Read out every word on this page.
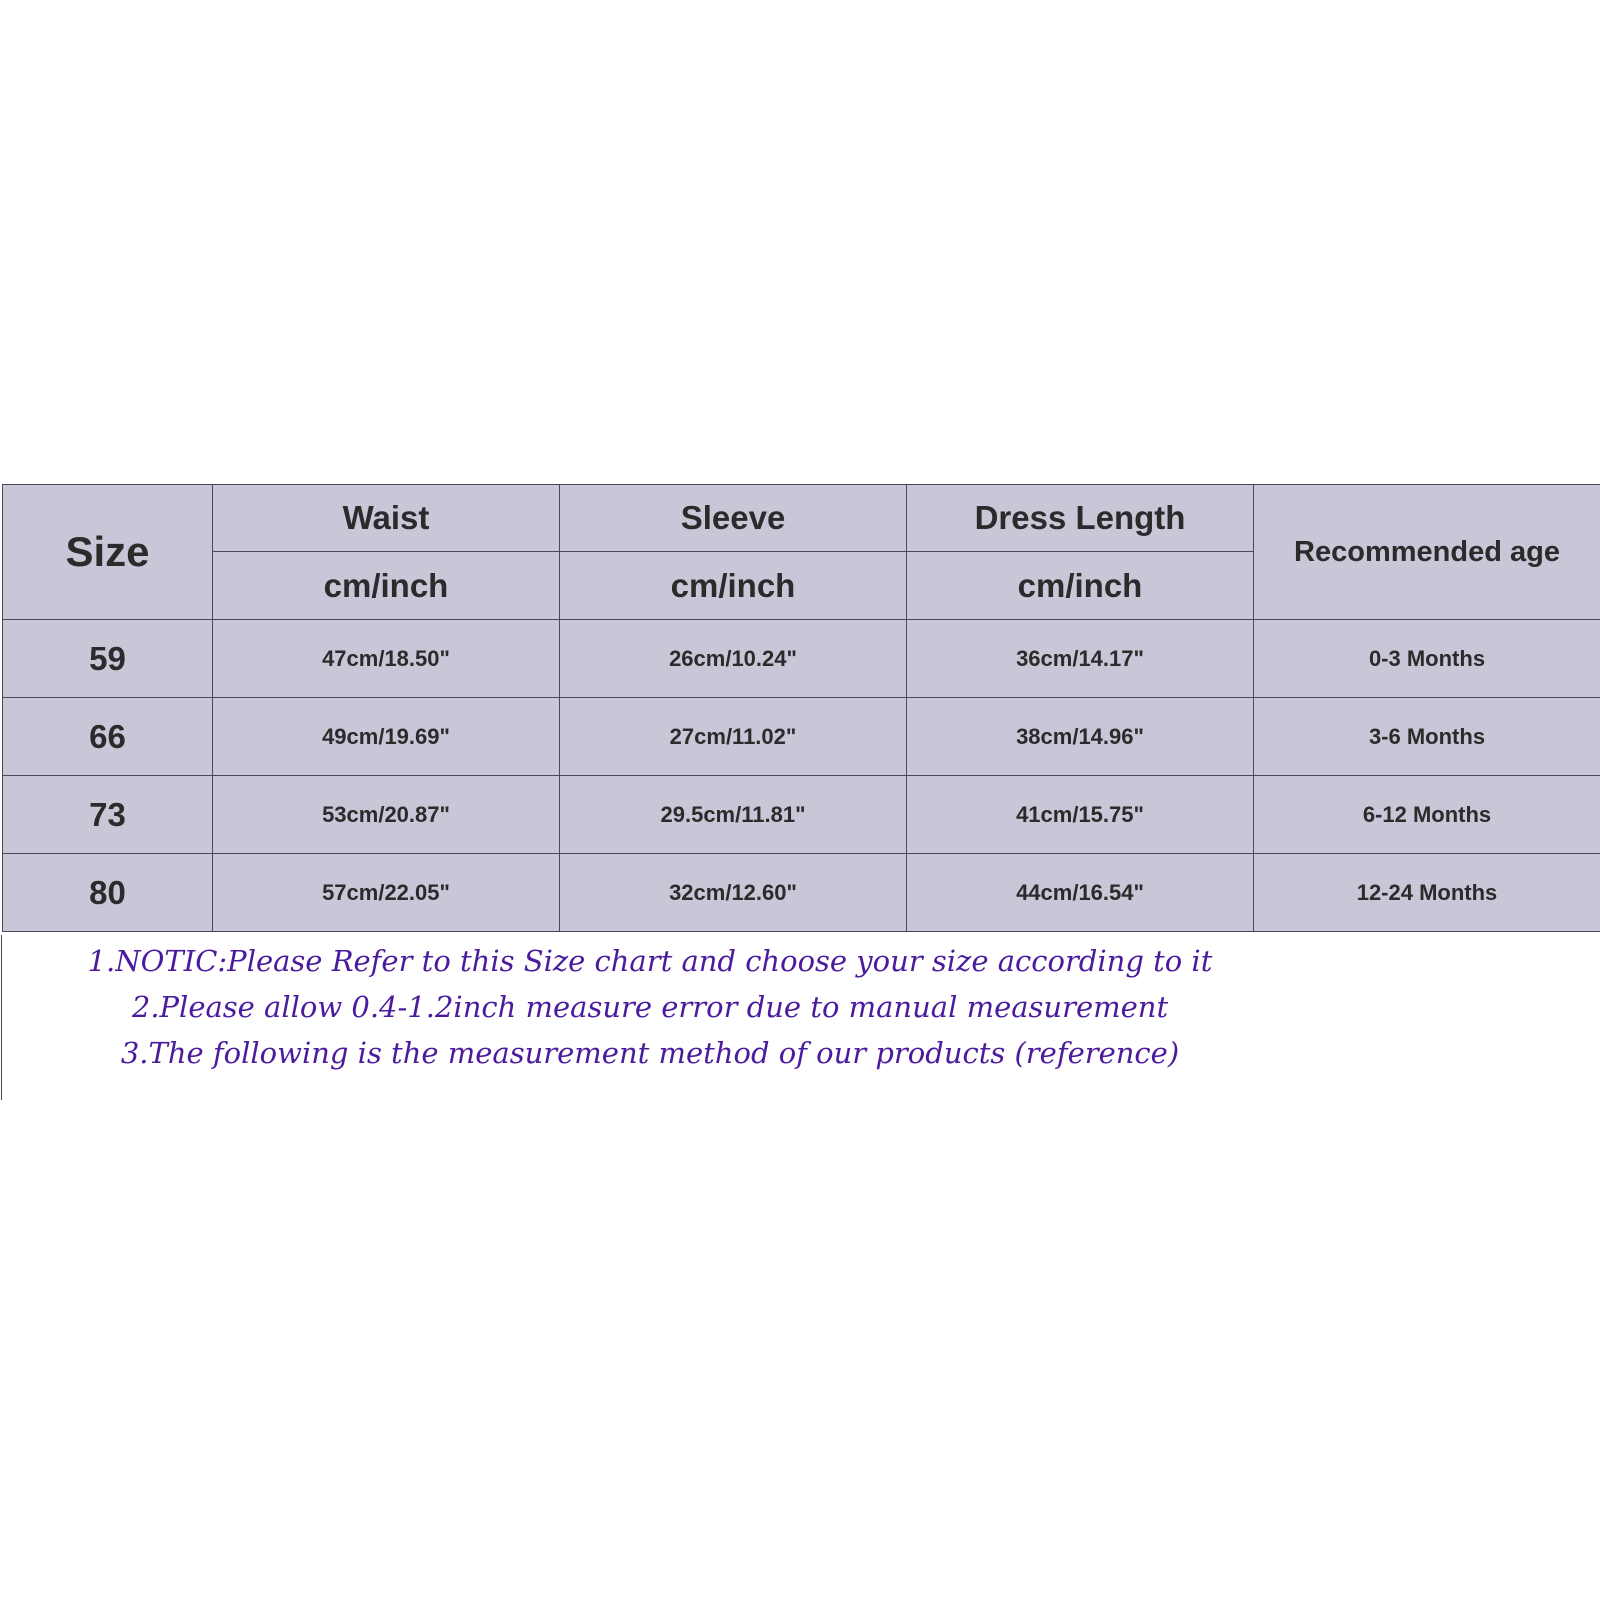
Size	Waist	Sleeve	Dress Length	Recommended age
	cm/inch	cm/inch	cm/inch	
59	47cm/18.50"	26cm/10.24"	36cm/14.17"	0-3 Months
66	49cm/19.69"	27cm/11.02"	38cm/14.96"	3-6 Months
73	53cm/20.87"	29.5cm/11.81"	41cm/15.75"	6-12 Months
80	57cm/22.05"	32cm/12.60"	44cm/16.54"	12-24 Months
1.NOTIC:Please Refer to this Size chart and choose your size according to it
2.Please allow 0.4-1.2inch measure error due to manual measurement
3.The following is the measurement method of our products (reference)
